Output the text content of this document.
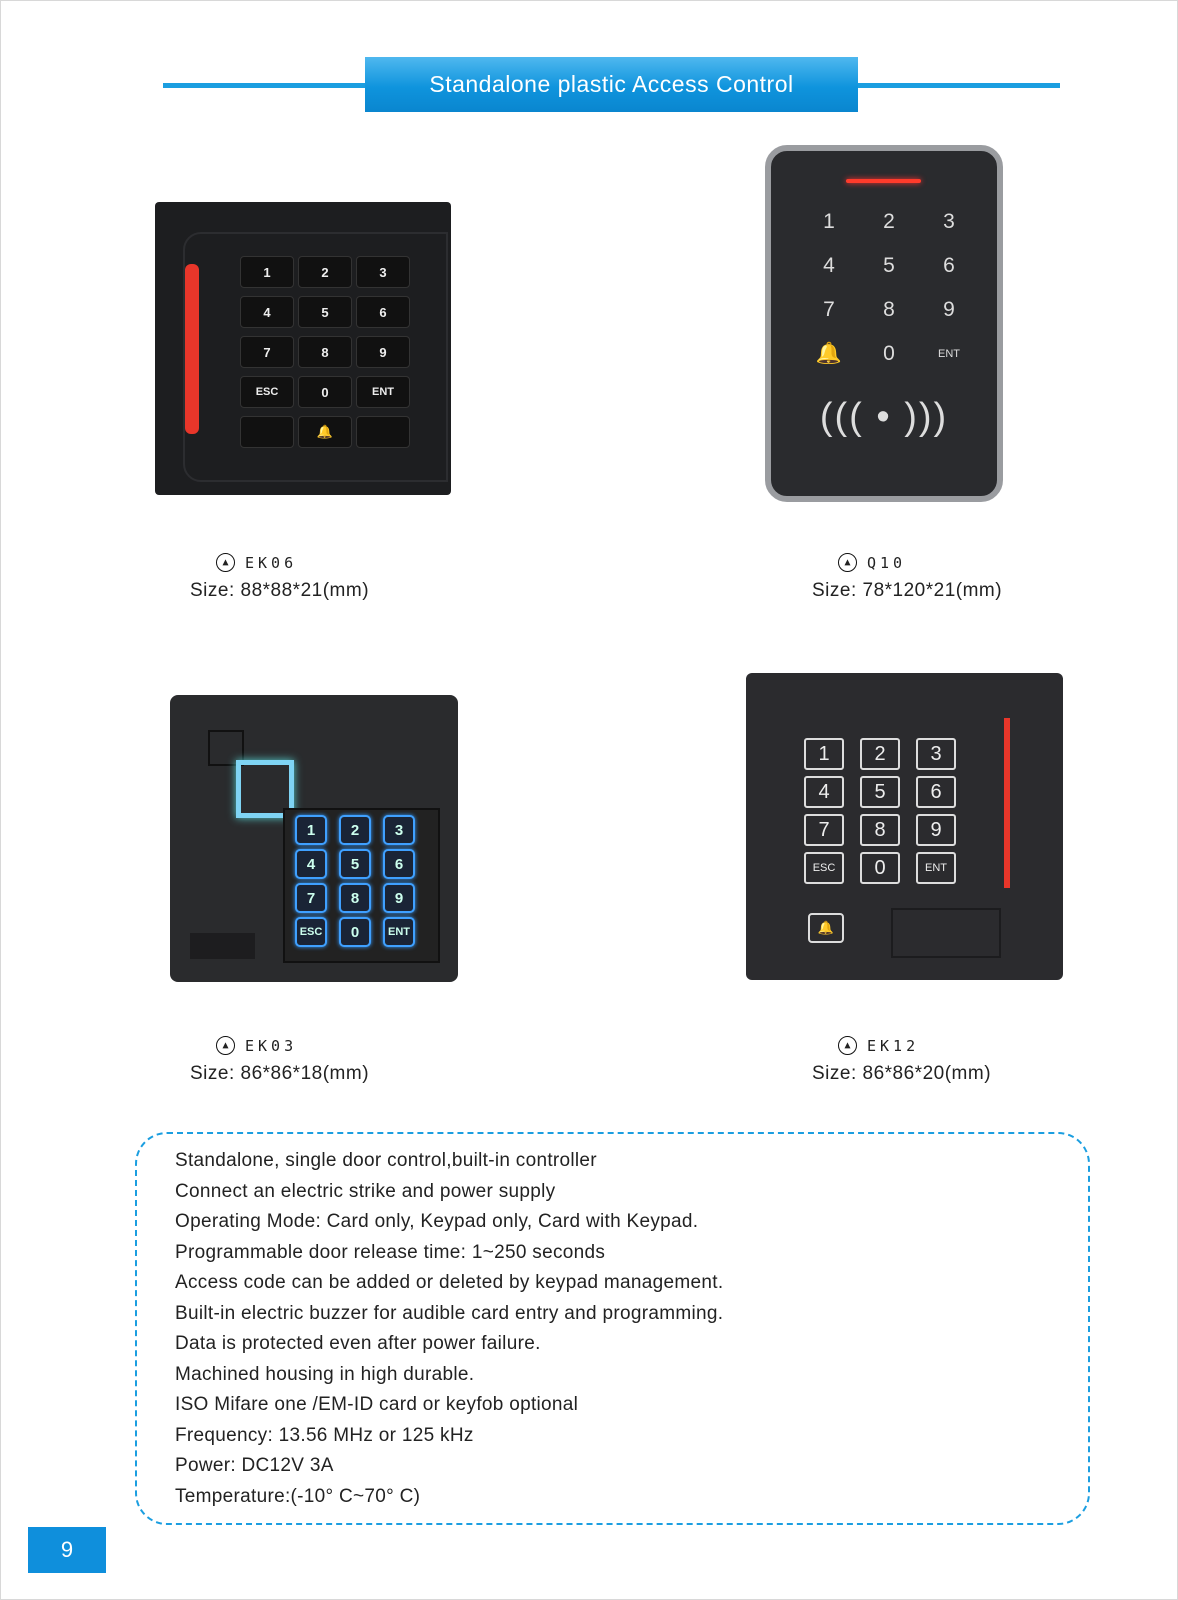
Standalone plastic Access Control
1	2	3
4	5	6
7	8	9
ESC	0	ENT
🔔
1	2	3
4	5	6
7	8	9
🔔	0	ENT
((( • )))
1	2	3
4	5	6
7	8	9
ESC	0	ENT
1	2	3
4	5	6
7	8	9
ESC	0	ENT
🔔
▲	EK06
Size: 88*88*21(mm)
▲	Q10
Size: 78*120*21(mm)
▲	EK03
Size: 86*86*18(mm)
▲	EK12
Size: 86*86*20(mm)
Standalone, single door control,built-in controller
Connect an electric strike and power supply
Operating Mode: Card only, Keypad only, Card with Keypad.
Programmable door release time: 1~250 seconds
Access code can be added or deleted by keypad management.
Built-in electric buzzer for audible card entry and programming.
Data is protected even after power failure.
Machined housing in high durable.
ISO Mifare one /EM-ID card or keyfob optional
Frequency: 13.56 MHz or 125 kHz
Power: DC12V 3A
Temperature:(-10° C~70° C)
9
